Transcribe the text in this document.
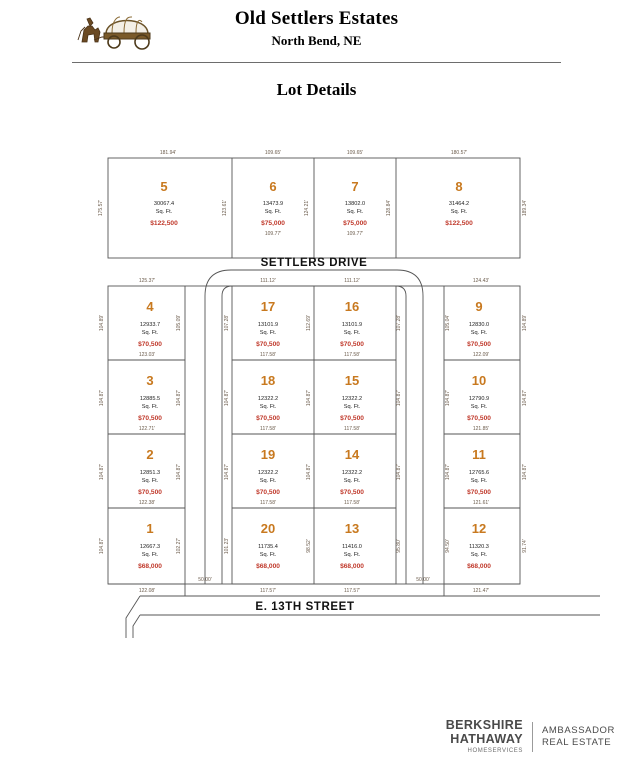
Old Settlers Estates
North Bend, NE
Lot Details
5
30067.4
Sq. Ft.
$122,500
6
13473.9
Sq. Ft.
$75,000
7
13802.0
Sq. Ft.
$75,000
8
31464.2
Sq. Ft.
$122,500
4
12933.7
Sq. Ft.
$70,500
17
13101.9
Sq. Ft.
$70,500
16
13101.9
Sq. Ft.
$70,500
9
12830.0
Sq. Ft.
$70,500
3
12885.5
Sq. Ft.
$70,500
18
12322.2
Sq. Ft.
$70,500
15
12322.2
Sq. Ft.
$70,500
10
12790.9
Sq. Ft.
$70,500
2
12851.3
Sq. Ft.
$70,500
19
12322.2
Sq. Ft.
$70,500
14
12322.2
Sq. Ft.
$70,500
11
12765.6
Sq. Ft.
$70,500
1
12667.3
Sq. Ft.
$68,000
20
11735.4
Sq. Ft.
$68,000
13
11416.0
Sq. Ft.
$68,000
12
11320.3
Sq. Ft.
$68,000
SETTLERS DRIVE
E. 13TH STREET
181.94'	109.65'	109.65'	180.57'
175.57'	123.61'	124.21'	128.84'	189.34'
109.77'	109.77'
125.37'	111.12'	111.12'	124.43'
104.89'	105.09'	107.28'	112.69'	107.28'	105.04'	104.89'
123.03'	117.58'	117.58'	122.09'
104.87'	104.87'	104.87'	104.87'	104.87'	104.87'	104.87'
122.71'	117.58'	117.58'	121.85'
104.87'	104.87'	104.87'	104.87'	104.87'	104.87'	104.87'
122.38'	117.58'	117.58'	121.61'
104.87'	102.27'	101.23'	98.52'	95.80'	94.50'	91.74'
122.08'	117.57'	117.57'	121.47'
50.00'	50.00'
BERKSHIRE
HATHAWAY
HOMESERVICES
AMBASSADOR
REAL ESTATE
